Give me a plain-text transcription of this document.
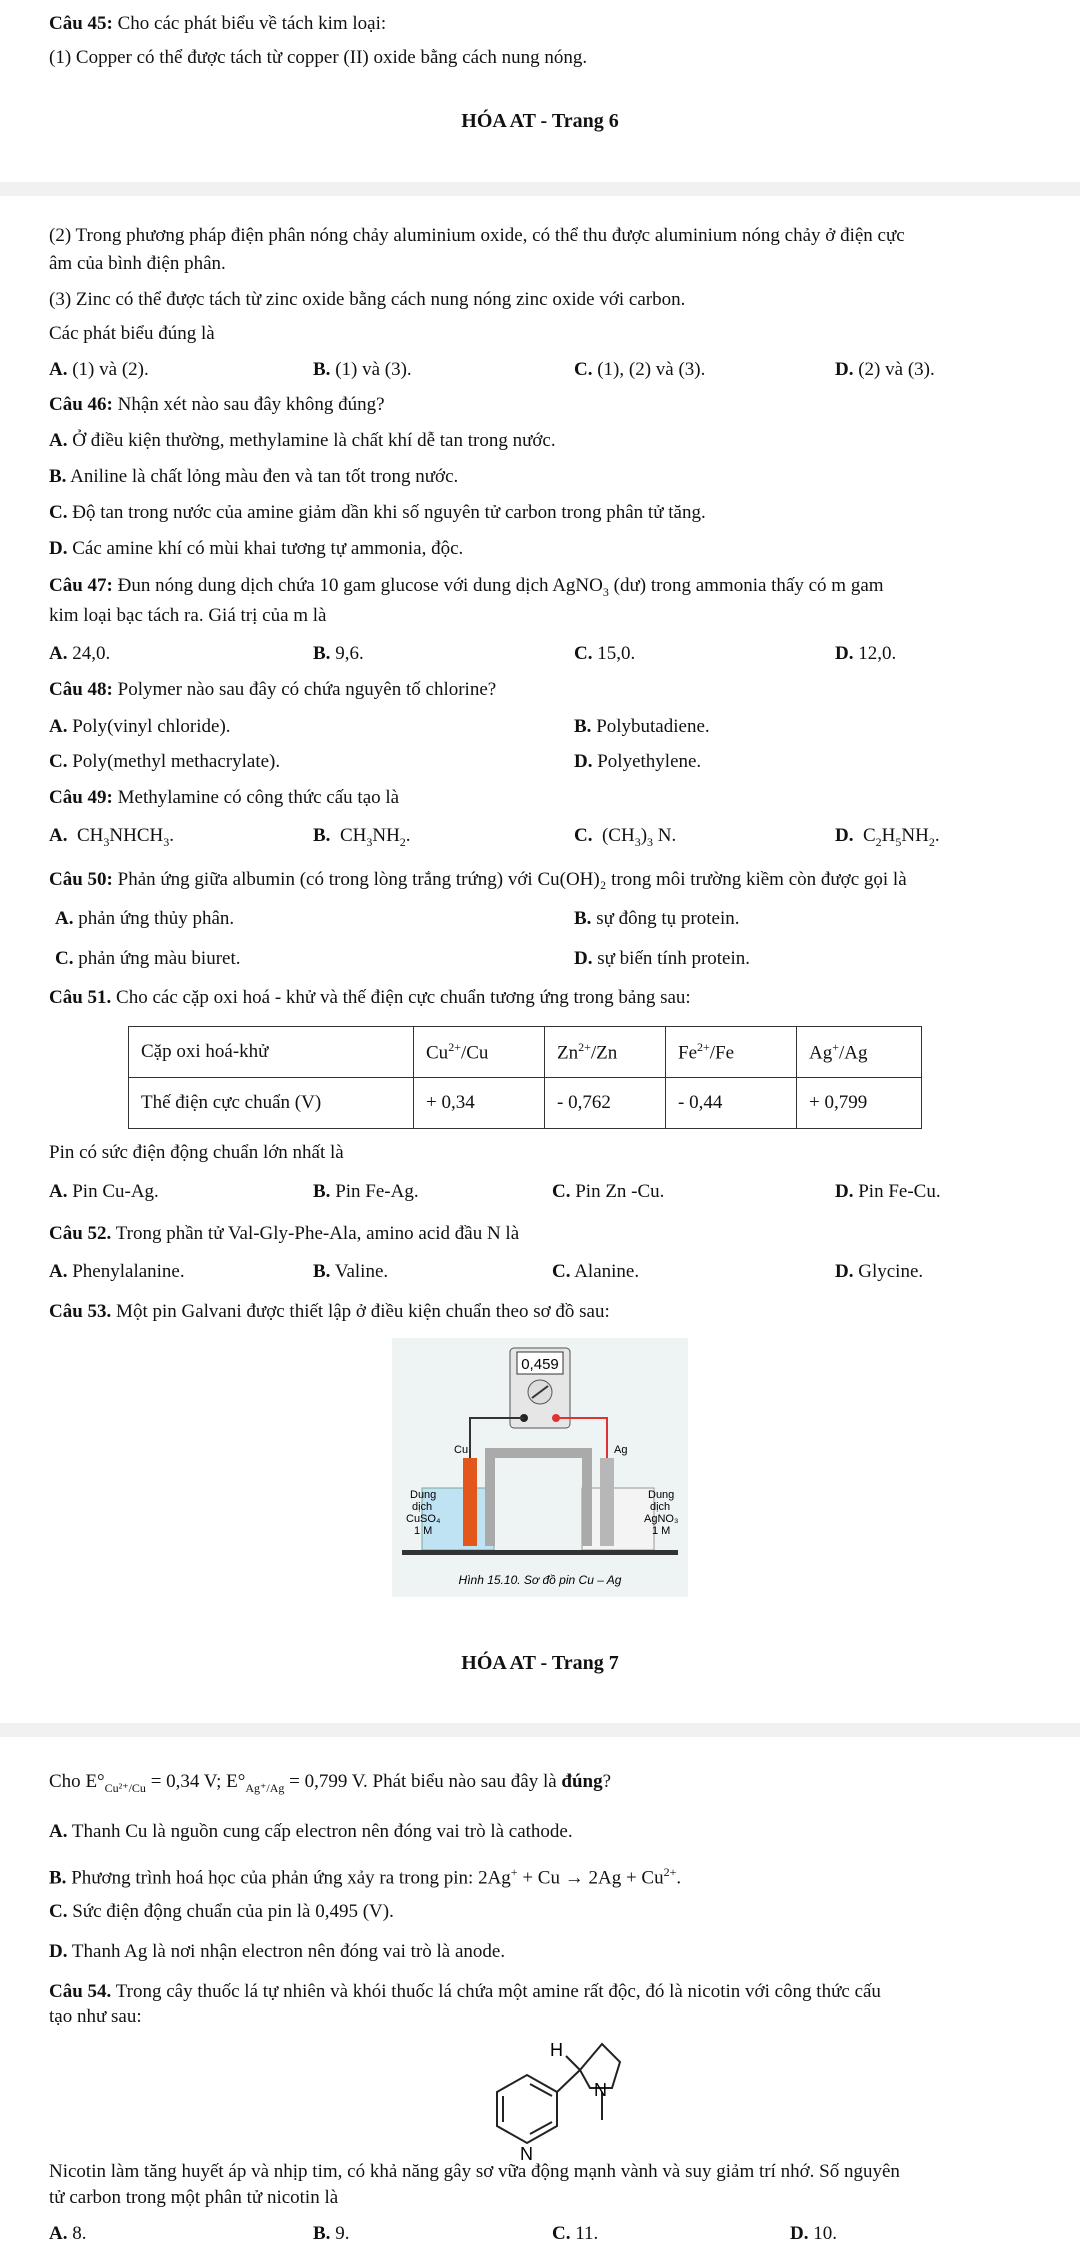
Câu 45: Cho các phát biểu về tách kim loại:
(1) Copper có thể được tách từ copper (II) oxide bằng cách nung nóng.
HÓA AT - Trang 6
(2) Trong phương pháp điện phân nóng chảy aluminium oxide, có thể thu được aluminium nóng chảy ở điện cực
âm của bình điện phân.
(3) Zinc có thể được tách từ zinc oxide bằng cách nung nóng zinc oxide với carbon.
Các phát biểu đúng là
A. (1) và (2).	B. (1) và (3).	C. (1), (2) và (3).	D. (2) và (3).
Câu 46: Nhận xét nào sau đây không đúng?
A. Ở điều kiện thường, methylamine là chất khí dễ tan trong nước.
B. Aniline là chất lỏng màu đen và tan tốt trong nước.
C. Độ tan trong nước của amine giảm dần khi số nguyên tử carbon trong phân tử tăng.
D. Các amine khí có mùi khai tương tự ammonia, độc.
Câu 47: Đun nóng dung dịch chứa 10 gam glucose với dung dịch AgNO$_3$ (dư) trong ammonia thấy có m gam
kim loại bạc tách ra. Giá trị của m là
A. 24,0.	B. 9,6.	C. 15,0.	D. 12,0.
Câu 48: Polymer nào sau đây có chứa nguyên tố chlorine?
A. Poly(vinyl chloride).	B. Polybutadiene.
C. Poly(methyl methacrylate).	D. Polyethylene.
Câu 49: Methylamine có công thức cấu tạo là
A.  $CH_3NHCH_3$.	B.  $CH_3NH_2$.	C.  $(CH_3)_3$ N.	D.  $C_2H_5NH_2$.
Câu 50: Phản ứng giữa albumin (có trong lòng trắng trứng) với Cu(OH)₂ trong môi trường kiềm còn được gọi là
A. phản ứng thủy phân.	B. sự đông tụ protein.
C. phản ứng màu biuret.	D. sự biến tính protein.
Câu 51. Cho các cặp oxi hoá - khử và thế điện cực chuẩn tương ứng trong bảng sau:
Cặp oxi hoá-khử	$Cu^{2+}/Cu$	$Zn^{2+}/Zn$	$Fe^{2+}/Fe$	Ag+/Ag
Thế điện cực chuẩn (V)	+ 0,34	- 0,762	- 0,44	+ 0,799
Pin có sức điện động chuẩn lớn nhất là
A. Pin Cu-Ag.	B. Pin Fe-Ag.	C. Pin Zn -Cu.	D. Pin Fe-Cu.
Câu 52. Trong phần tử Val-Gly-Phe-Ala, amino acid đầu N là
A. Phenylalanine.	B. Valine.	C. Alanine.	D. Glycine.
Câu 53. Một pin Galvani được thiết lập ở điều kiện chuẩn theo sơ đồ sau:
0,459
Cu	Ag
Dung
dịch
CuSO₄
1 M
Dung
dịch
AgNO₃
1 M
Hình 15.10. Sơ đồ pin Cu – Ag
HÓA AT - Trang 7
Cho $E^\circ_{Cu^{2+}/Cu} = 0,34$ V; $E^\circ_{Ag^+/Ag} = 0,799$ V. Phát biểu nào sau đây là đúng?
A. Thanh Cu là nguồn cung cấp electron nên đóng vai trò là cathode.
B. Phương trình hoá học của phản ứng xảy ra trong pin: $2Ag^+ + Cu \to 2Ag + Cu^{2+}$.
C. Sức điện động chuẩn của pin là 0,495 (V).
D. Thanh Ag là nơi nhận electron nên đóng vai trò là anode.
Câu 54. Trong cây thuốc lá tự nhiên và khói thuốc lá chứa một amine rất độc, đó là nicotin với công thức cấu
tạo như sau:
H
N
N
Nicotin làm tăng huyết áp và nhịp tim, có khả năng gây sơ vữa động mạnh vành và suy giảm trí nhớ. Số nguyên
tử carbon trong một phân tử nicotin là
A. 8.	B. 9.	C. 11.	D. 10.
